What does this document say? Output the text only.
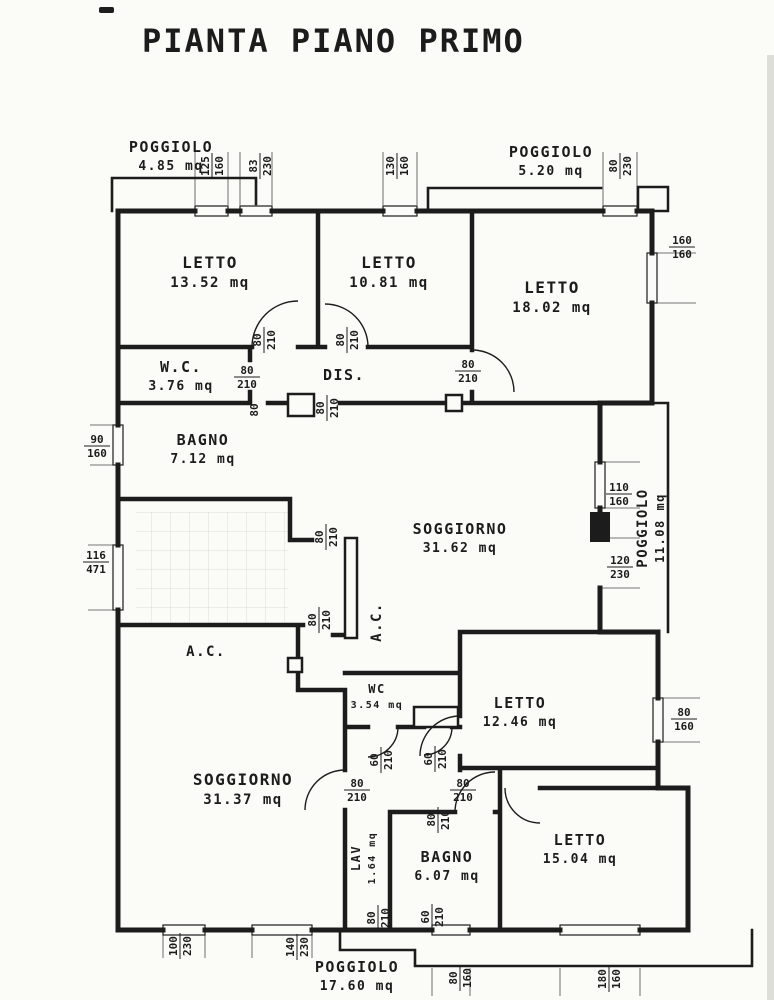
PIANTA PIANO PRIMO
POGGIOLO 4.85 mq
POGGIOLO 5.20 mq
LETTO 13.52 mq
LETTO 10.81 mq	LETTO 18.02 mq
W.C. 3.76 mq
DIS.
BAGNO 7.12 mq
SOGGIORNO 31.62 mq	POGGIOLO 11.08 mq
A.C.
A.C.
WC 3.54 mq	LETTO 12.46 mq
SOGGIORNO 31.37 mq
LAV 1.64 mq	BAGNO 6.07 mq
LETTO 15.04 mq
POGGIOLO 17.60 mq
125 160 83 230	130 160	80 230
160
160
90
160
116
471
110
160
120
230
80
160
100 230	140 230
80 160	180 160
80 210	80 210
80
210
80
210
80	80 210
80 210
80 210
60 210 60 210
80
210
80
210
80 210
80 210 60 210
